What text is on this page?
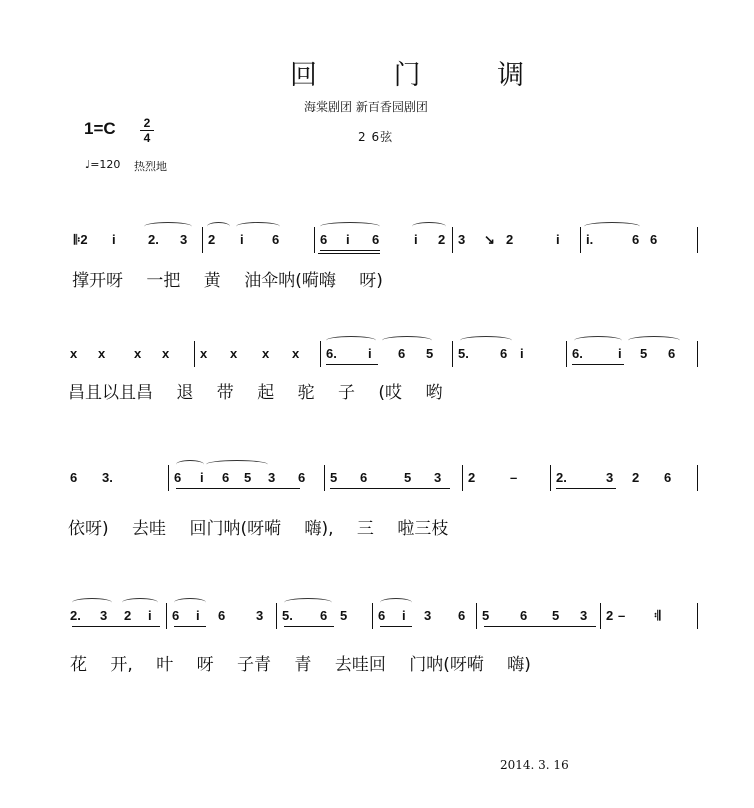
回 门 调
海棠剧团 新百香园剧团
2 6弦
1=C	2
4
♩=120 热烈地
𝄆2 i 2. 3 2 i 6	6 i 6	i 2 3 ↘ 2	i i.	6 6
撑开呀 一把 黄 油伞呐(嗬嗨 呀)
x x x x x x x x 6. i 6 5 5. 6 i	6.	i 5 6
昌且以且昌 退 带 起 驼 子 (哎 哟
6 3.	6 i 6 5 3 6 5 6	5 3 2	–	2.	3 2 6
依呀) 去哇 回门呐(呀嗬 嗨), 三 啦三枝
2. 3 2 i 6 i 6 3 5. 6 5 6 i 3 6 5 6 5 3 2 – 𝄇
花 开, 叶 呀 子青 青 去哇回 门呐(呀嗬 嗨)
2014. 3. 16
